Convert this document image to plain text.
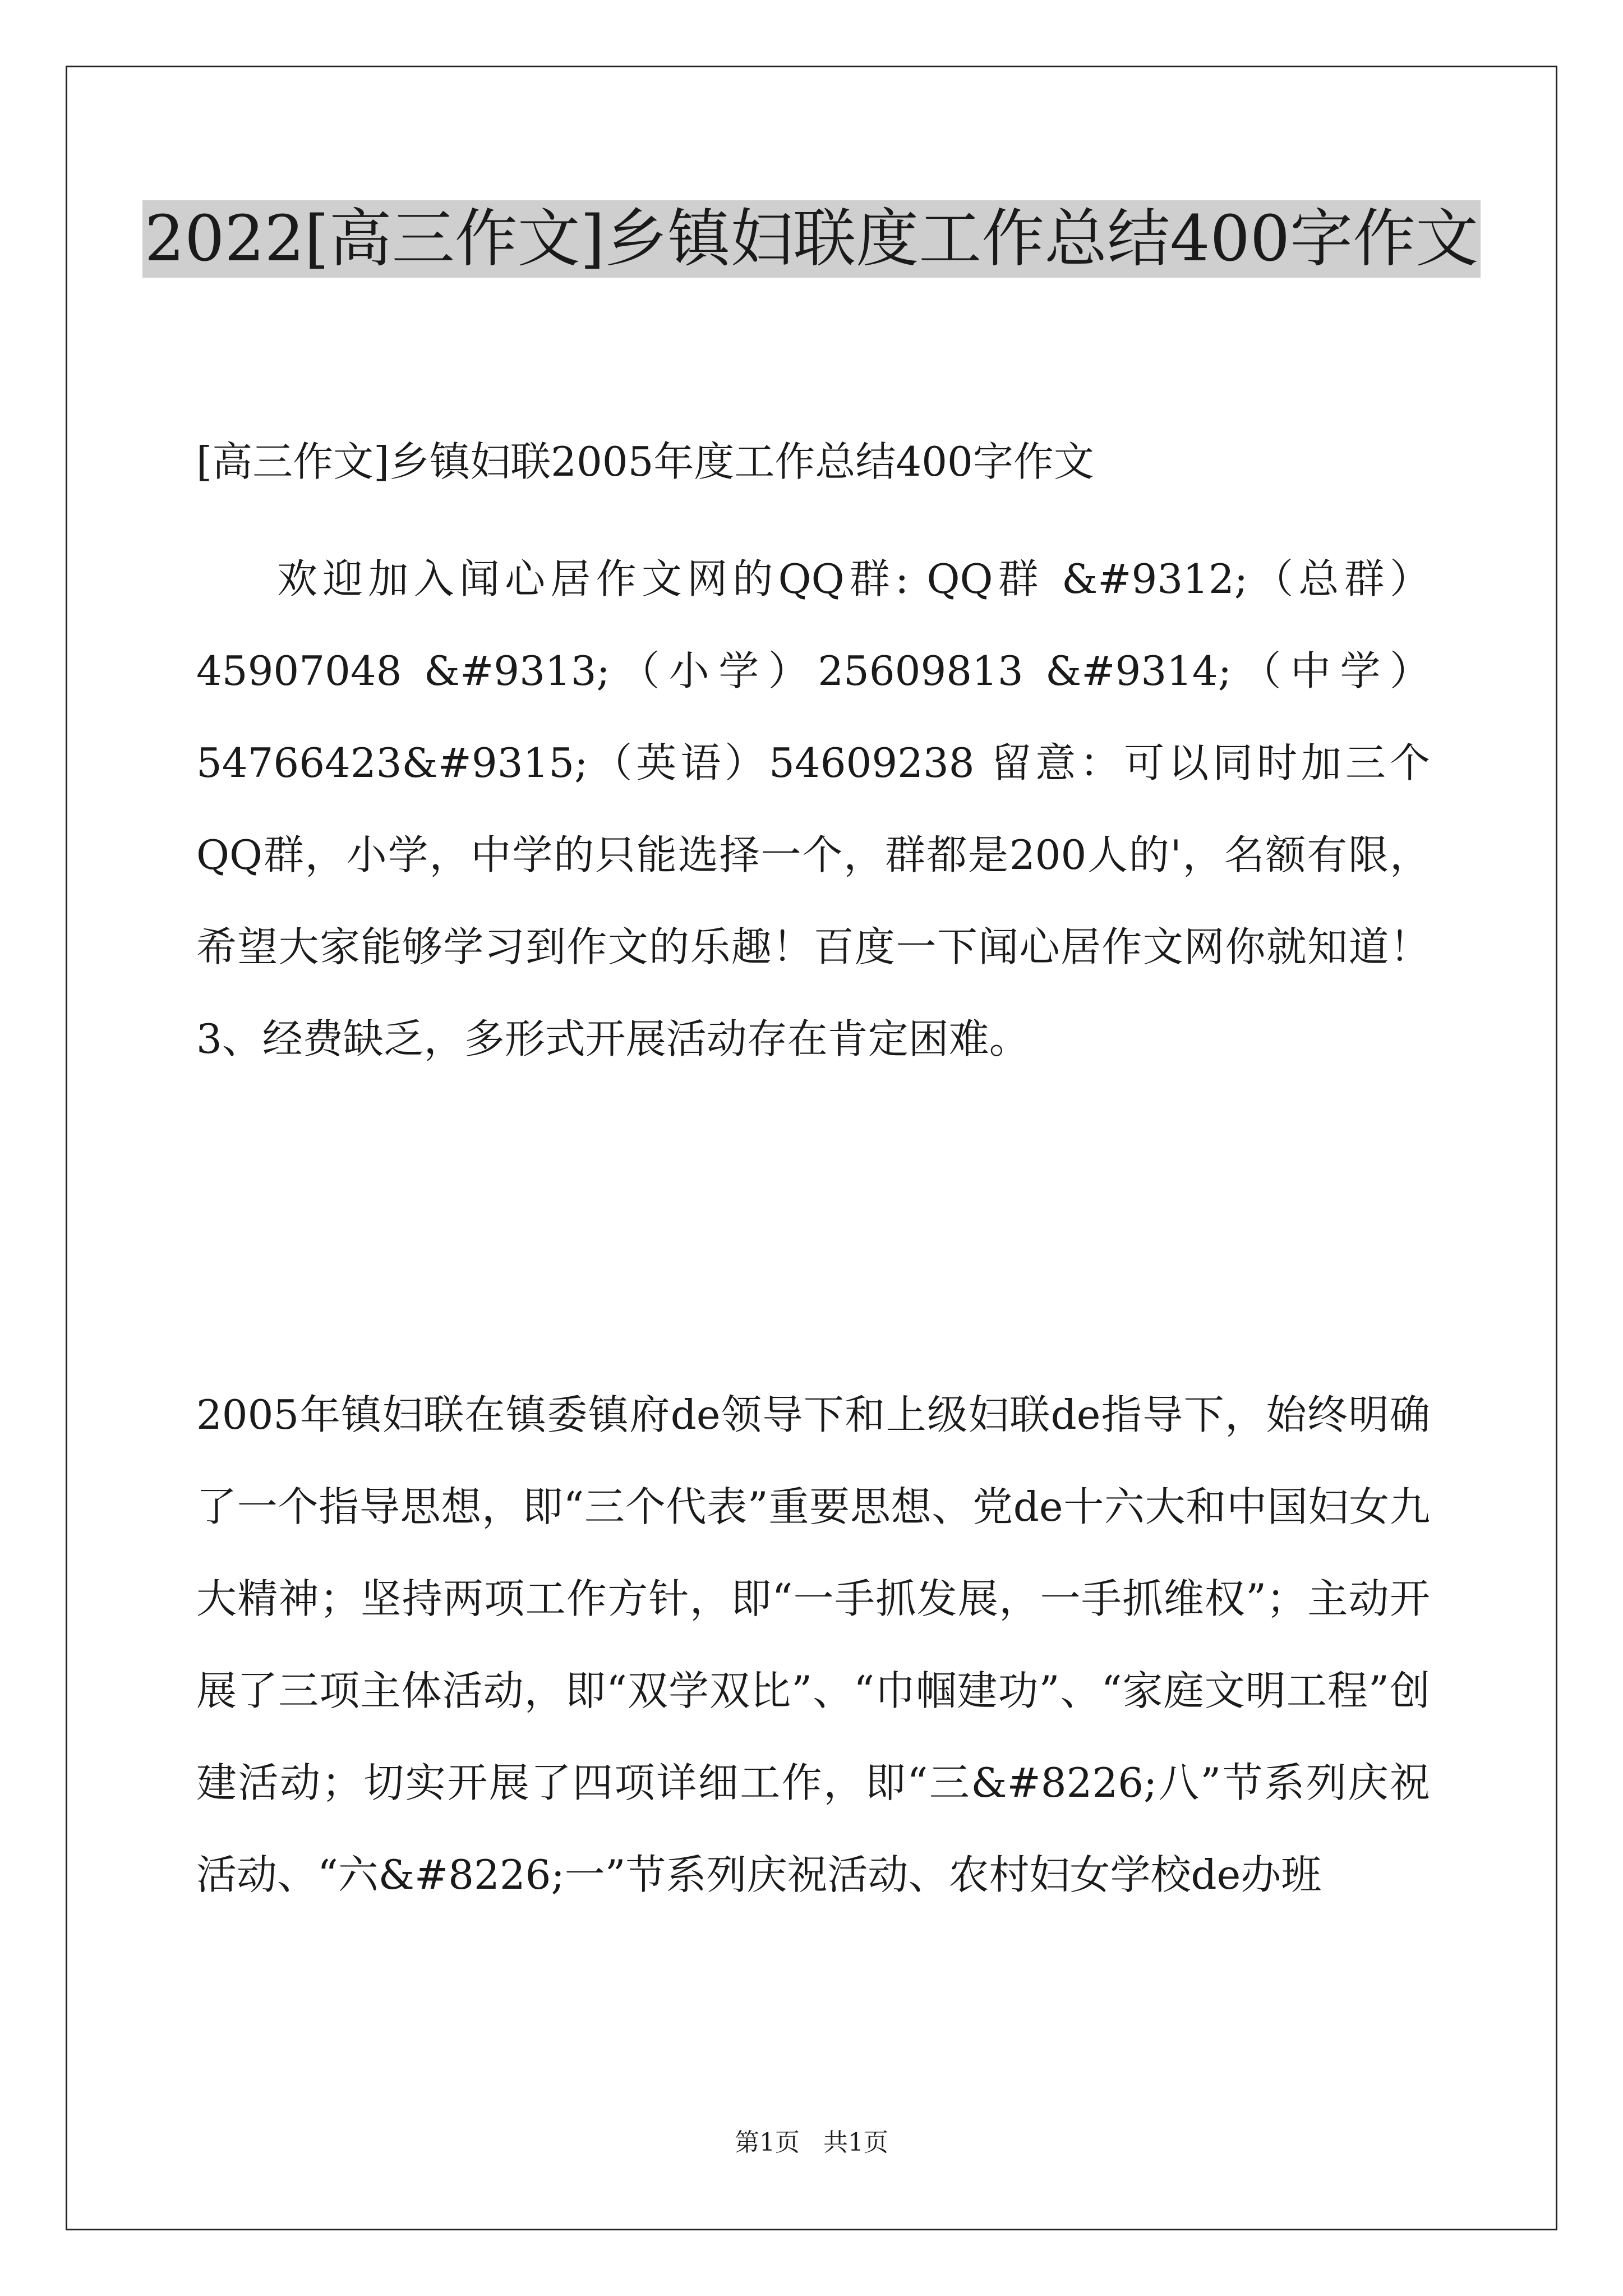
2022[高三作文]乡镇妇联度工作总结400字作文
[高三作文]乡镇妇联2005年度工作总结400字作文
欢迎加入闻心居作文网的QQ群: QQ群 &#9312;（总群）45907048 &#9313;（小学）25609813 &#9314;（中学）54766423&#9315;（英语）54609238 留意：可以同时加三个QQ群，小学，中学的只能选择一个，群都是200人的'，名额有限，希望大家能够学习到作文的乐趣！百度一下闻心居作文网你就知道！3、经费缺乏，多形式开展活动存在肯定困难。
2005年镇妇联在镇委镇府de领导下和上级妇联de指导下，始终明确了一个指导思想，即“三个代表”重要思想、党de十六大和中国妇女九大精神；坚持两项工作方针，即“一手抓发展，一手抓维权”；主动开展了三项主体活动，即“双学双比”、“巾帼建功”、“家庭文明工程”创建活动；切实开展了四项详细工作，即“三&#8226;八”节系列庆祝活动、“六&#8226;一”节系列庆祝活动、农村妇女学校de办班
第1页   共1页
